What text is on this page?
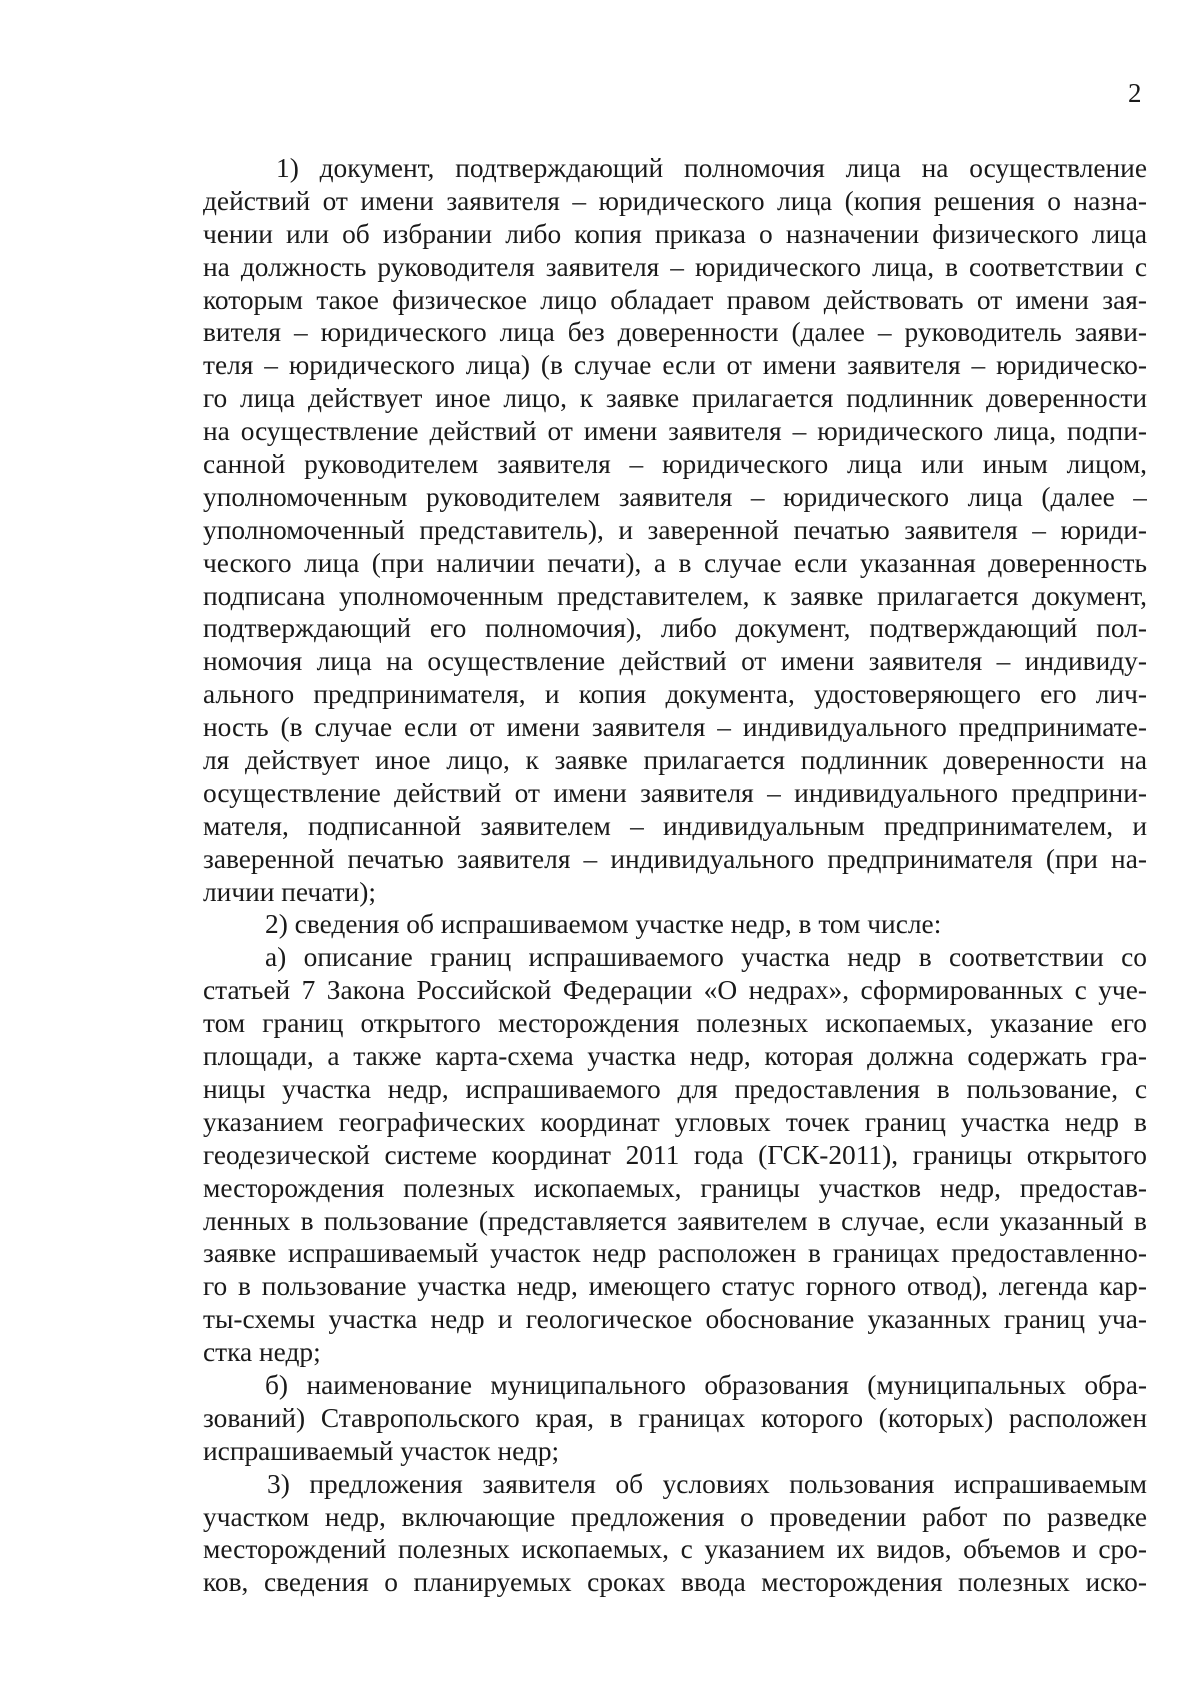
2
1) документ, подтверждающий полномочия лица на осуществление
действий от имени заявителя – юридического лица (копия решения о назна-
чении или об избрании либо копия приказа о назначении физического лица
на должность руководителя заявителя – юридического лица, в соответствии с
которым такое физическое лицо обладает правом действовать от имени зая-
вителя – юридического лица без доверенности (далее – руководитель заяви-
теля – юридического лица) (в случае если от имени заявителя – юридическо-
го лица действует иное лицо, к заявке прилагается подлинник доверенности
на осуществление действий от имени заявителя – юридического лица, подпи-
санной руководителем заявителя – юридического лица или иным лицом,
уполномоченным руководителем заявителя – юридического лица (далее –
уполномоченный представитель), и заверенной печатью заявителя – юриди-
ческого лица (при наличии печати), а в случае если указанная доверенность
подписана уполномоченным представителем, к заявке прилагается документ,
подтверждающий его полномочия), либо документ, подтверждающий пол-
номочия лица на осуществление действий от имени заявителя – индивиду-
ального предпринимателя, и копия документа, удостоверяющего его лич-
ность (в случае если от имени заявителя – индивидуального предпринимате-
ля действует иное лицо, к заявке прилагается подлинник доверенности на
осуществление действий от имени заявителя – индивидуального предприни-
мателя, подписанной заявителем – индивидуальным предпринимателем, и
заверенной печатью заявителя – индивидуального предпринимателя (при на-
личии печати);
2) сведения об испрашиваемом участке недр, в том числе:
а) описание границ испрашиваемого участка недр в соответствии со
статьей 7 Закона Российской Федерации «О недрах», сформированных с уче-
том границ открытого месторождения полезных ископаемых, указание его
площади, а также карта-схема участка недр, которая должна содержать гра-
ницы участка недр, испрашиваемого для предоставления в пользование, с
указанием географических координат угловых точек границ участка недр в
геодезической системе координат 2011 года (ГСК-2011), границы открытого
месторождения полезных ископаемых, границы участков недр, предостав-
ленных в пользование (представляется заявителем в случае, если указанный в
заявке испрашиваемый участок недр расположен в границах предоставленно-
го в пользование участка недр, имеющего статус горного отвод), легенда кар-
ты-схемы участка недр и геологическое обоснование указанных границ уча-
стка недр;
б) наименование муниципального образования (муниципальных обра-
зований) Ставропольского края, в границах которого (которых) расположен
испрашиваемый участок недр;
3) предложения заявителя об условиях пользования испрашиваемым
участком недр, включающие предложения о проведении работ по разведке
месторождений полезных ископаемых, с указанием их видов, объемов и сро-
ков, сведения о планируемых сроках ввода месторождения полезных иско-
